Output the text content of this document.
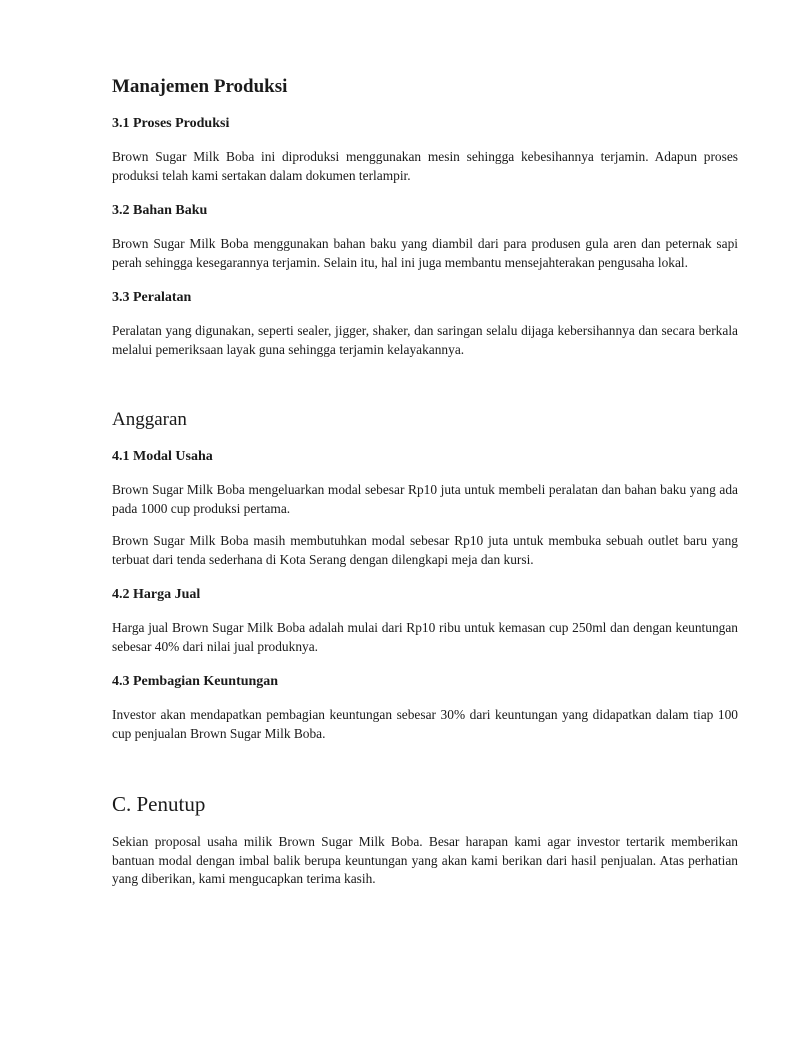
Manajemen Produksi
3.1 Proses Produksi

Brown Sugar Milk Boba ini diproduksi menggunakan mesin sehingga kebesihannya terjamin. Adapun proses produksi telah kami sertakan dalam dokumen terlampir.

3.2 Bahan Baku

Brown Sugar Milk Boba menggunakan bahan baku yang diambil dari para produsen gula aren dan peternak sapi perah sehingga kesegarannya terjamin. Selain itu, hal ini juga membantu mensejahterakan pengusaha lokal.

3.3 Peralatan

Peralatan yang digunakan, seperti sealer, jigger, shaker, dan saringan selalu dijaga kebersihannya dan secara berkala melalui pemeriksaan layak guna sehingga terjamin kelayakannya.

Anggaran
4.1 Modal Usaha

Brown Sugar Milk Boba mengeluarkan modal sebesar Rp10 juta untuk membeli peralatan dan bahan baku yang ada pada 1000 cup produksi pertama.

Brown Sugar Milk Boba masih membutuhkan modal sebesar Rp10 juta untuk membuka sebuah outlet baru yang terbuat dari tenda sederhana di Kota Serang dengan dilengkapi meja dan kursi.

4.2 Harga Jual

Harga jual Brown Sugar Milk Boba adalah mulai dari Rp10 ribu untuk kemasan cup 250ml dan dengan keuntungan sebesar 40% dari nilai jual produknya.

4.3 Pembagian Keuntungan

Investor akan mendapatkan pembagian keuntungan sebesar 30% dari keuntungan yang didapatkan dalam tiap 100 cup penjualan Brown Sugar Milk Boba.

C. Penutup

Sekian proposal usaha milik Brown Sugar Milk Boba. Besar harapan kami agar investor tertarik memberikan bantuan modal dengan imbal balik berupa keuntungan yang akan kami berikan dari hasil penjualan. Atas perhatian yang diberikan, kami mengucapkan terima kasih.
